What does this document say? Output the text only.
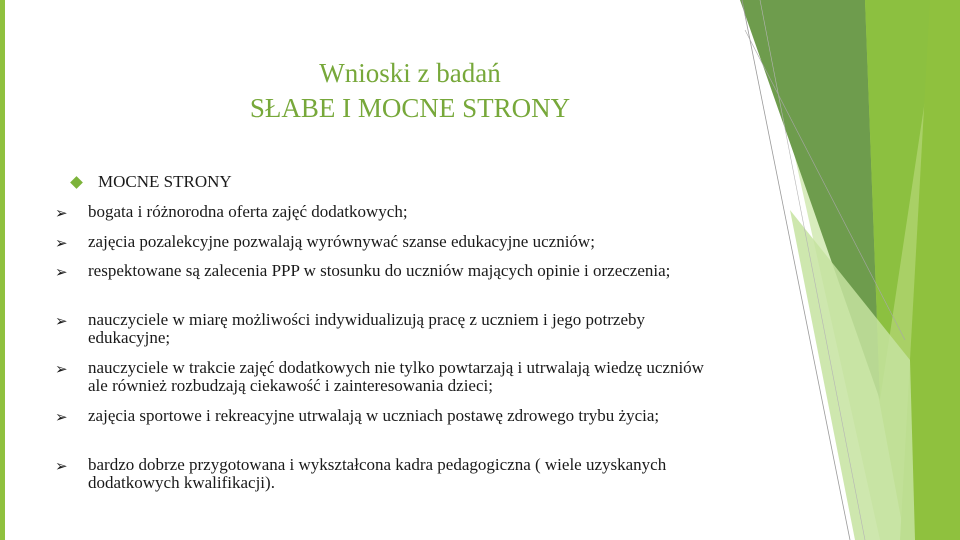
Wnioski z badań
SŁABE I MOCNE STRONY
MOCNE STRONY
➢ bogata i różnorodna oferta zajęć dodatkowych;
➢ zajęcia pozalekcyjne pozwalają wyrównywać szanse edukacyjne uczniów;
➢ respektowane są zalecenia PPP w stosunku do uczniów mających opinie i orzeczenia;
➢ nauczyciele w miarę możliwości indywidualizują pracę z uczniem i jego potrzeby edukacyjne;
➢ nauczyciele w trakcie zajęć dodatkowych nie tylko powtarzają i utrwalają wiedzę uczniów ale również rozbudzają ciekawość i zainteresowania dzieci;
➢ zajęcia sportowe i rekreacyjne utrwalają w uczniach postawę zdrowego trybu życia;
➢ bardzo dobrze przygotowana i wykształcona kadra pedagogiczna ( wiele uzyskanych dodatkowych kwalifikacji).
